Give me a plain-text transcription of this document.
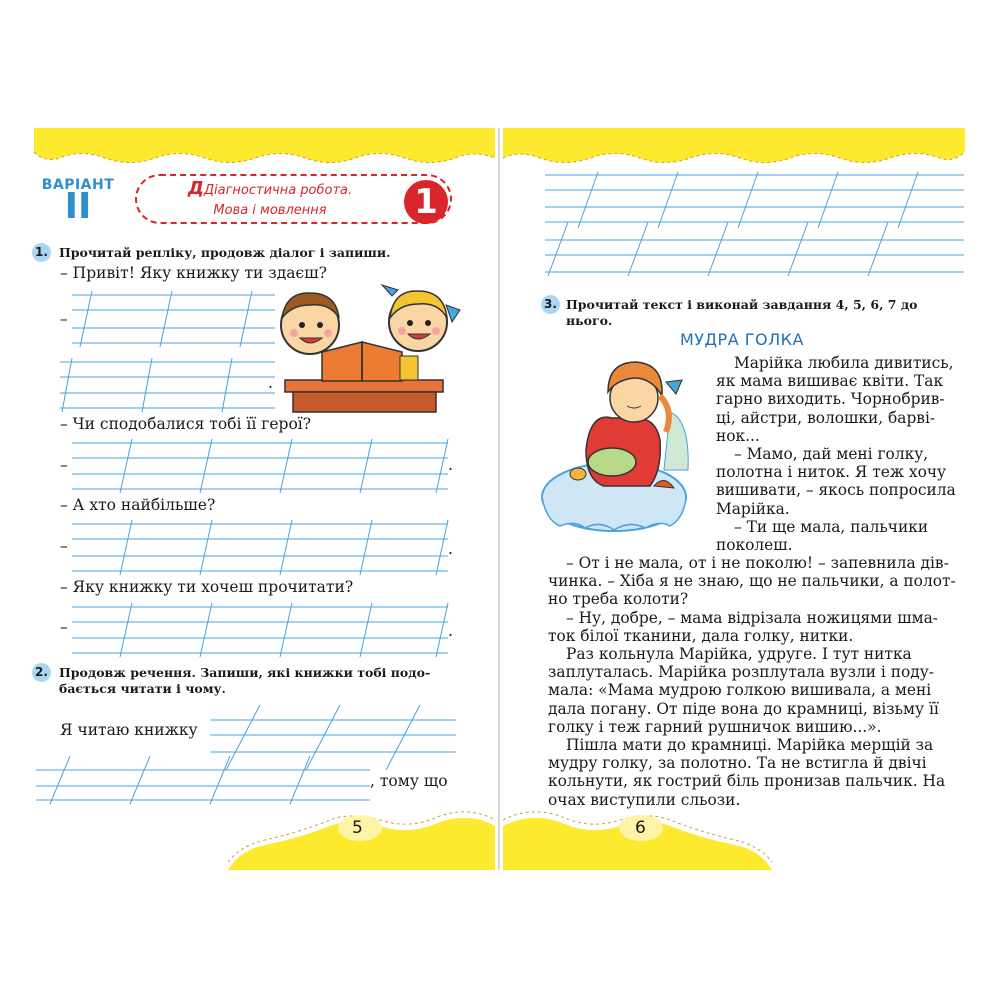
ВАРІАНТ
II	ДДіагностична робота.
Мова і мовлення	1
1. Прочитай репліку, продовж діалог і запиши.
– Привіт! Яку книжку ти здаєш?
–
.
– Чи сподобалися тобі її герої?
–	.
– А хто найбільше?
–	.
– Яку книжку ти хочеш прочитати?
–	.
2. Продовж речення. Запиши, які книжки тобі подо-
бається читати і чому.
Я читаю книжку
, тому що
5
3. Прочитай текст і виконай завдання 4, 5, 6, 7 до
нього.
МУДРА ГОЛКА
Марійка любила дивитись,
як мама вишиває квіти. Так
гарно виходить. Чорнобрив-
ці, айстри, волошки, барві-
нок...
– Мамо, дай мені голку,
полотна і ниток. Я теж хочу
вишивати, – якось попросила
Марійка.
– Ти ще мала, пальчики
поколеш.
– От і не мала, от і не поколю! – запевнила дів-
чинка. – Хіба я не знаю, що не пальчики, а полот-
но треба колоти?
– Ну, добре, – мама відрізала ножицями шма-
ток білої тканини, дала голку, нитки.
Раз кольнула Марійка, удруге. І тут нитка
заплуталась. Марійка розплутала вузли і поду-
мала: «Мама мудрою голкою вишивала, а мені
дала погану. От піде вона до крамниці, візьму її
голку і теж гарний рушничок вишию...».
Пішла мати до крамниці. Марійка мерщій за
мудру голку, за полотно. Та не встигла й двічі
кольнути, як гострий біль пронизав пальчик. На
очах виступили сльози.
6
